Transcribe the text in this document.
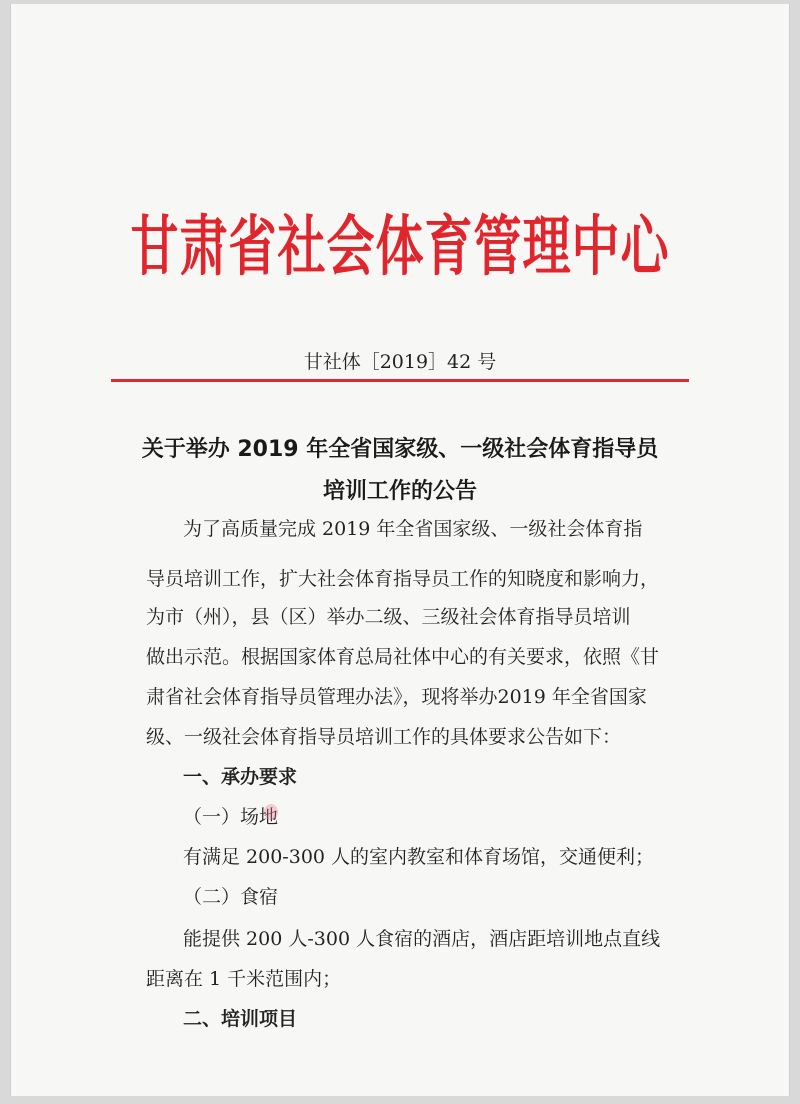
甘肃省社会体育管理中心
甘社体［2019］42 号
关于举办 2019 年全省国家级、一级社会体育指导员
培训工作的公告
为了高质量完成 2019 年全省国家级、一级社会体育指
导员培训工作，扩大社会体育指导员工作的知晓度和影响力，
为市（州），县（区）举办二级、三级社会体育指导员培训
做出示范。根据国家体育总局社体中心的有关要求，依照《甘
肃省社会体育指导员管理办法》，现将举办2019 年全省国家
级、一级社会体育指导员培训工作的具体要求公告如下：
一、承办要求
（一）场地
有满足 200-300 人的室内教室和体育场馆，交通便利；
（二）食宿
能提供 200 人-300 人食宿的酒店，酒店距培训地点直线
距离在 1 千米范围内；
二、培训项目
